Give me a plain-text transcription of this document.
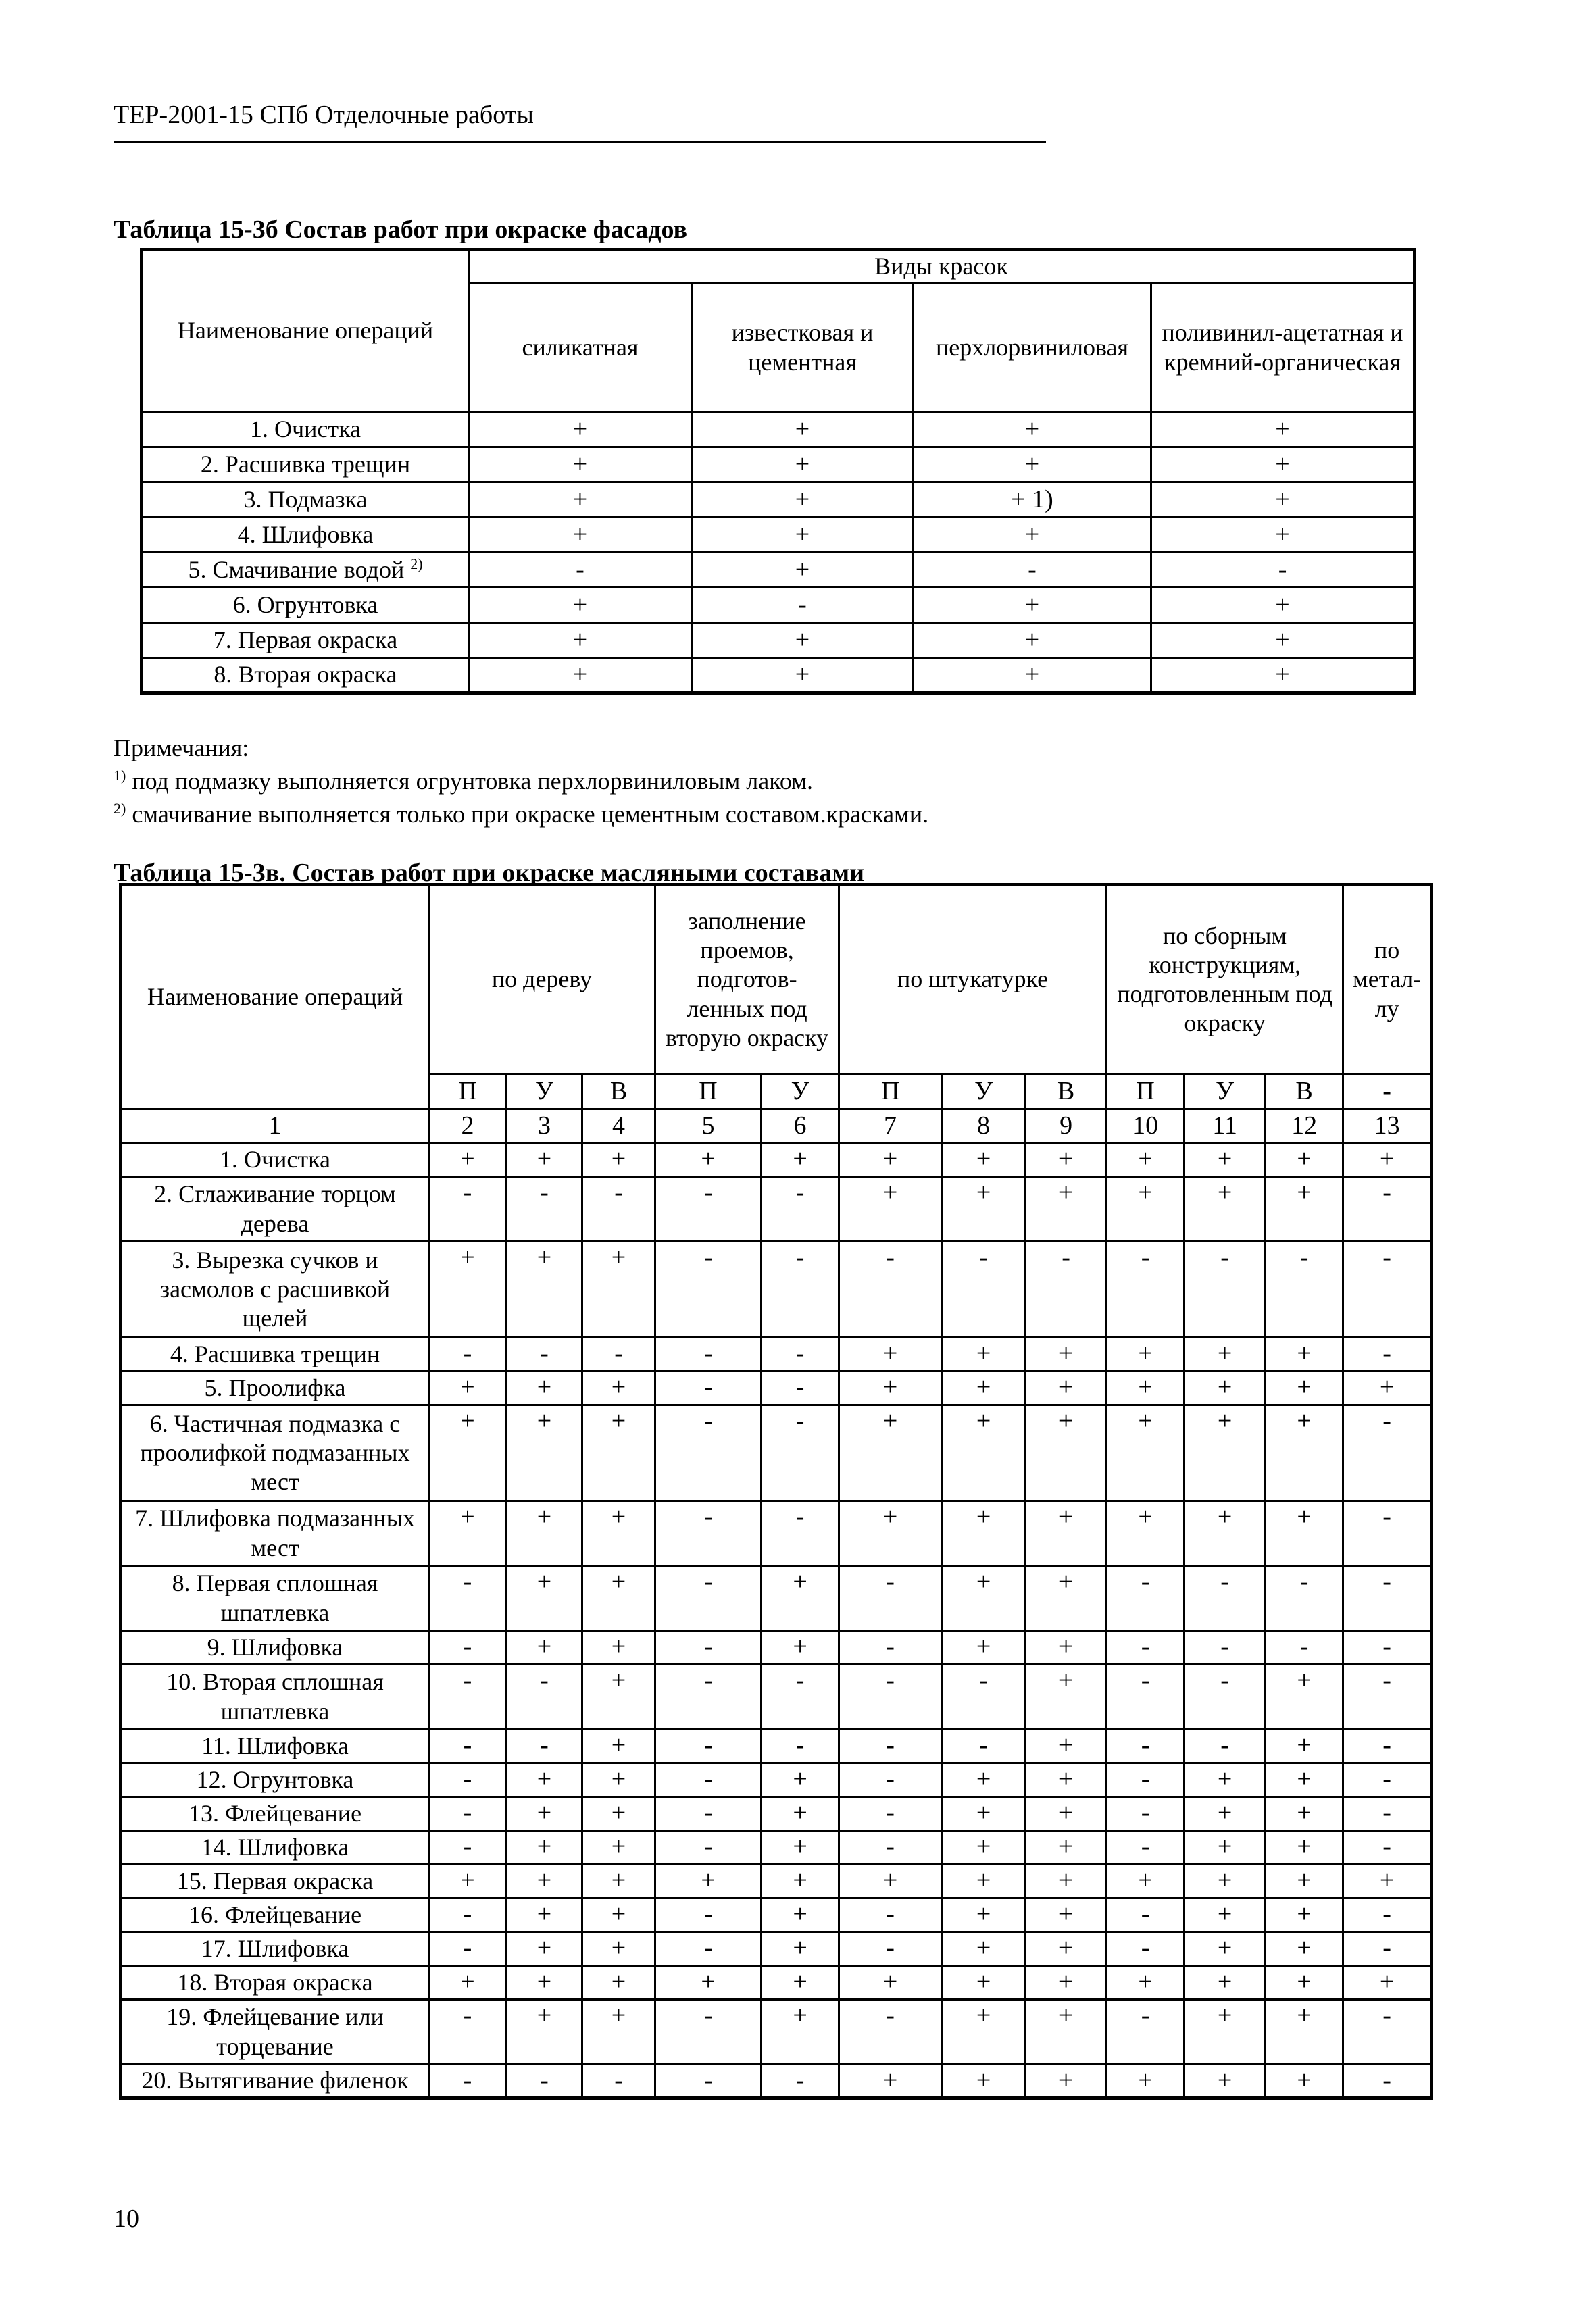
ТЕР-2001-15 СПб Отделочные работы
Таблица 15-3б Состав работ при окраске фасадов
Наименование операций	Виды красок			
	силикатная	известковая и цементная	перхлорвиниловая	поливинил-ацетатная и кремний-органическая
1. Очистка	+	+	+	+
2. Расшивка трещин	+	+	+	+
3. Подмазка	+	+	+ 1)	+
4. Шлифовка	+	+	+	+
5. Смачивание водой $^{2)}$	-	+	-	-
6. Огрунтовка	+	-	+	+
7. Первая окраска	+	+	+	+
8. Вторая окраска	+	+	+	+
Примечания:
$^{1)}$ под подмазку выполняется огрунтовка перхлорвиниловым лаком.
$^{2)}$ смачивание выполняется только при окраске цементным составом.красками.
Таблица 15-3в. Состав работ при окраске масляными составами
Наименование операций	по дереву			заполнение проемов, подготов-ленных под вторую окраску		по штукатурке			по сборным конструкциям, подготовленным под окраску			по метал-лу
	П	У	В	П	У	П	У	В	П	У	В	-
1	2	3	4	5	6	7	8	9	10	11	12	13
1. Очистка	+	+	+	+	+	+	+	+	+	+	+	+
2. Сглаживание торцом дерева	-	-	-	-	-	+	+	+	+	+	+	-
3. Вырезка сучков и засмолов с расшивкой щелей	+	+	+	-	-	-	-	-	-	-	-	-
4. Расшивка трещин	-	-	-	-	-	+	+	+	+	+	+	-
5. Проолифка	+	+	+	-	-	+	+	+	+	+	+	+
6. Частичная подмазка с проолифкой подмазанных мест	+	+	+	-	-	+	+	+	+	+	+	-
7. Шлифовка подмазанных мест	+	+	+	-	-	+	+	+	+	+	+	-
8. Первая сплошная шпатлевка	-	+	+	-	+	-	+	+	-	-	-	-
9. Шлифовка	-	+	+	-	+	-	+	+	-	-	-	-
10. Вторая сплошная шпатлевка	-	-	+	-	-	-	-	+	-	-	+	-
11. Шлифовка	-	-	+	-	-	-	-	+	-	-	+	-
12. Огрунтовка	-	+	+	-	+	-	+	+	-	+	+	-
13. Флейцевание	-	+	+	-	+	-	+	+	-	+	+	-
14. Шлифовка	-	+	+	-	+	-	+	+	-	+	+	-
15. Первая окраска	+	+	+	+	+	+	+	+	+	+	+	+
16. Флейцевание	-	+	+	-	+	-	+	+	-	+	+	-
17. Шлифовка	-	+	+	-	+	-	+	+	-	+	+	-
18. Вторая окраска	+	+	+	+	+	+	+	+	+	+	+	+
19. Флейцевание или торцевание	-	+	+	-	+	-	+	+	-	+	+	-
20. Вытягивание филенок	-	-	-	-	-	+	+	+	+	+	+	-
10
